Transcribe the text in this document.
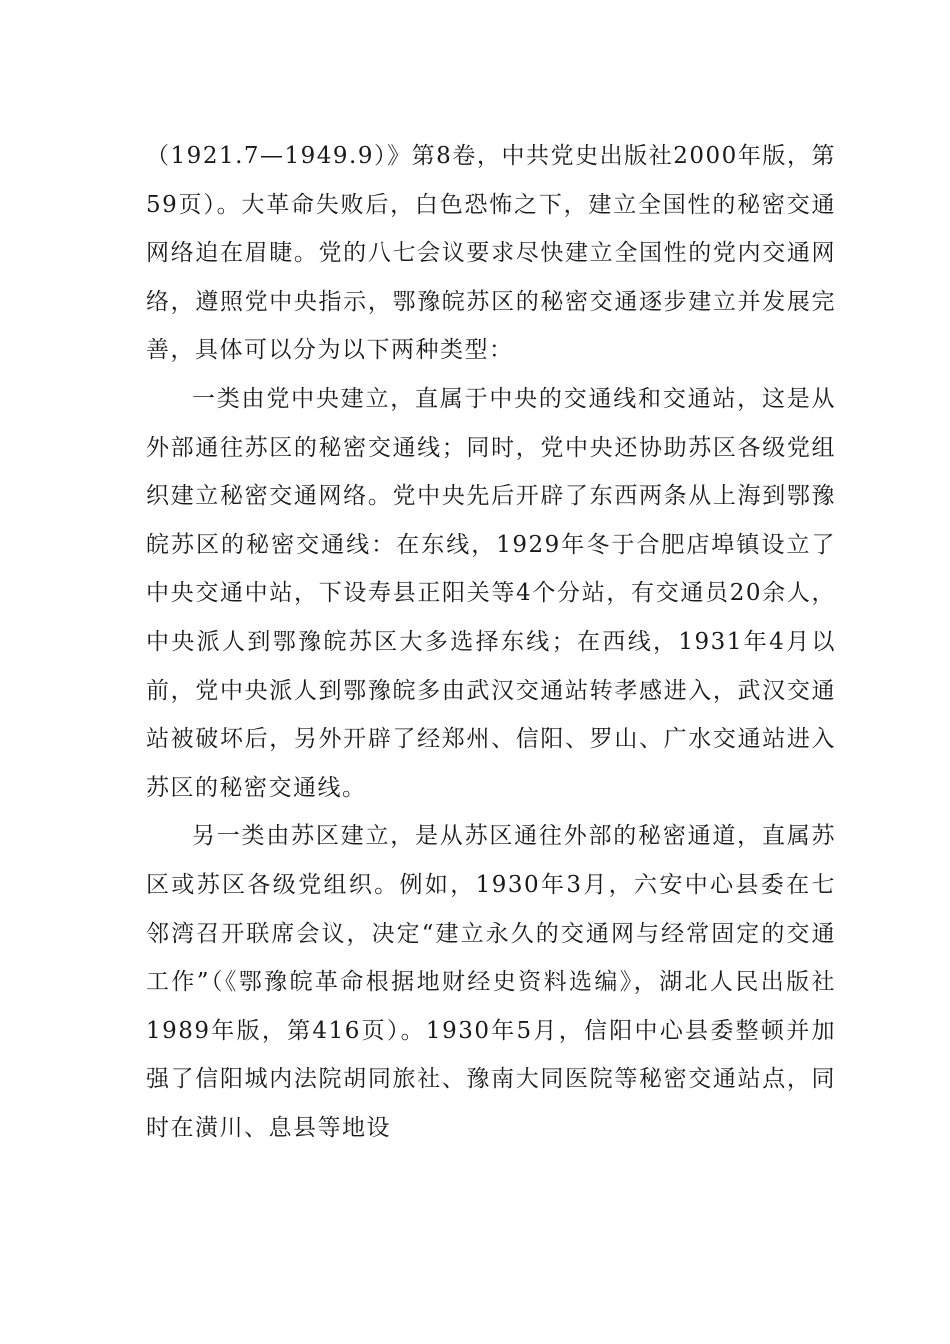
（1921.7—1949.9）》第8卷，中共党史出版社2000年版，第59页）。大革命失败后，白色恐怖之下，建立全国性的秘密交通网络迫在眉睫。党的八七会议要求尽快建立全国性的党内交通网络，遵照党中央指示，鄂豫皖苏区的秘密交通逐步建立并发展完善，具体可以分为以下两种类型：

一类由党中央建立，直属于中央的交通线和交通站，这是从外部通往苏区的秘密交通线；同时，党中央还协助苏区各级党组织建立秘密交通网络。党中央先后开辟了东西两条从上海到鄂豫皖苏区的秘密交通线：在东线，1929年冬于合肥店埠镇设立了中央交通中站，下设寿县正阳关等4个分站，有交通员20余人，中央派人到鄂豫皖苏区大多选择东线；在西线，1931年4月以前，党中央派人到鄂豫皖多由武汉交通站转孝感进入，武汉交通站被破坏后，另外开辟了经郑州、信阳、罗山、广水交通站进入苏区的秘密交通线。

另一类由苏区建立，是从苏区通往外部的秘密通道，直属苏区或苏区各级党组织。例如，1930年3月，六安中心县委在七邻湾召开联席会议，决定“建立永久的交通网与经常固定的交通工作”（《鄂豫皖革命根据地财经史资料选编》，湖北人民出版社1989年版，第416页）。1930年5月，信阳中心县委整顿并加强了信阳城内法院胡同旅社、豫南大同医院等秘密交通站点，同时在潢川、息县等地设
